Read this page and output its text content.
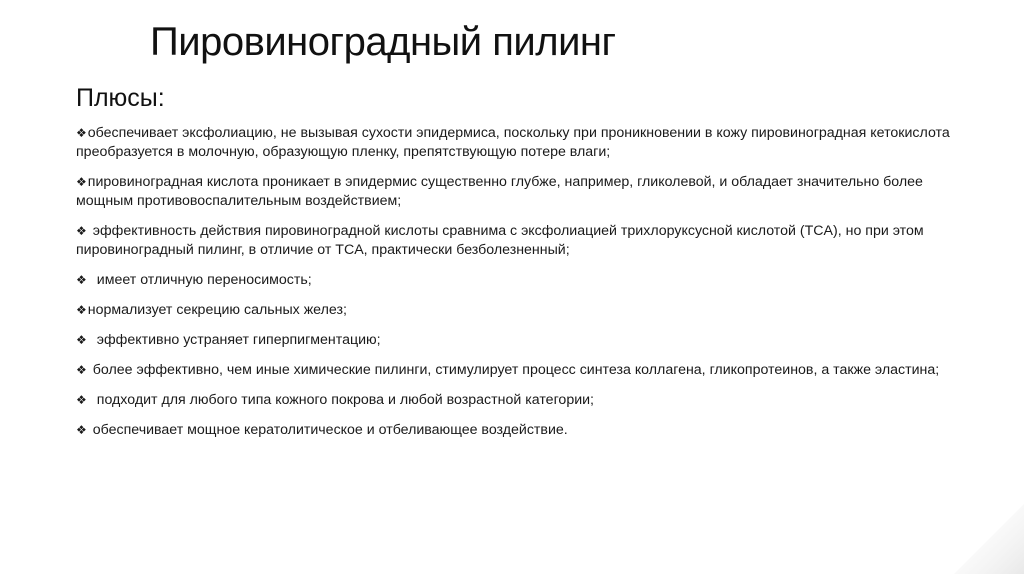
Пировиноградный пилинг
Плюсы:
❖обеспечивает эксфолиацию, не вызывая сухости эпидермиса, поскольку при проникновении в кожу пировиноградная кетокислота преобразуется в молочную, образующую пленку, препятствующую потере влаги;
❖пировиноградная кислота проникает в эпидермис существенно глубже, например, гликолевой, и обладает значительно более мощным противовоспалительным воздействием;
❖ эффективность действия пировиноградной кислоты сравнима с эксфолиацией трихлоруксусной кислотой (TCA), но при этом пировиноградный пилинг, в отличие от TCA, практически безболезненный;
❖ имеет отличную переносимость;
❖нормализует секрецию сальных желез;
❖ эффективно устраняет гиперпигментацию;
❖ более эффективно, чем иные химические пилинги, стимулирует процесс синтеза коллагена, гликопротеинов, а также эластина;
❖ подходит для любого типа кожного покрова и любой возрастной категории;
❖ обеспечивает мощное кератолитическое и отбеливающее воздействие.
